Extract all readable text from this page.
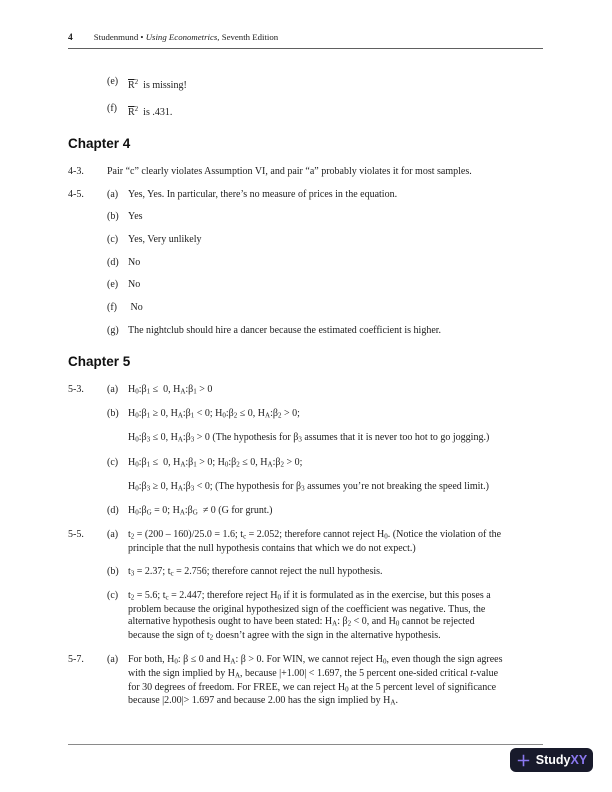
4 Studenmund • Using Econometrics, Seventh Edition
(e) $\overline{R}^2$  is missing!
(f)	$\overline{R}^2$  is .431.
Chapter 4
4-3.	Pair “c” clearly violates Assumption VI, and pair “a” probably violates it for most samples.
4-5.	(a) Yes, Yes. In particular, there’s no measure of prices in the equation.
(b) Yes
(c) Yes, Very unlikely
(d) No
(e) No
(f)	No
(g) The nightclub should hire a dancer because the estimated coefficient is higher.
Chapter 5
5-3.	(a) $H_0:\beta_1 \le 0$, $H_A:\beta_1 > 0$
(b) $H_0:\beta_1 \ge 0$, $H_A:\beta_1 < 0$; $H_0:\beta_2 \le 0$, $H_A:\beta_2 > 0$;
$H_0:\beta_3 \le 0$, $H_A:\beta_3 > 0$ (The hypothesis for $\beta_3$ assumes that it is never too hot to go jogging.)
(c) $H_0:\beta_1 \le 0$, $H_A:\beta_1 > 0$; $H_0:\beta_2 \le 0$, $H_A:\beta_2 > 0$;
$H_0:\beta_3 \ge 0$, $H_A:\beta_3 < 0$; (The hypothesis for $\beta_3$ assumes you’re not breaking the speed limit.)
(d) $H_0:\beta_G = 0$; $H_A:\beta_G \ne 0$ (G for grunt.)
5-5.	(a) $t_2 = (200 - 160)/25.0 = 1.6$; $t_c = 2.052$; therefore cannot reject $H_0$. (Notice the violation of the
principle that the null hypothesis contains that which we do not expect.)
(b) $t_3 = 2.37$; $t_c = 2.756$; therefore cannot reject the null hypothesis.
(c) $t_2 = 5.6$; $t_c = 2.447$; therefore reject $H_0$ if it is formulated as in the exercise, but this poses a
problem because the original hypothesized sign of the coefficient was negative. Thus, the
alternative hypothesis ought to have been stated: $H_A$: $\beta_2 < 0$, and $H_0$ cannot be rejected
because the sign of $t_2$ doesn’t agree with the sign in the alternative hypothesis.
5-7.	(a) For both, $H_0$: β ≤ 0 and $H_A$: β > 0. For WIN, we cannot reject $H_0$, even though the sign agrees
with the sign implied by $H_A$, because |+1.00| < 1.697, the 5 percent one-sided critical t-value
for 30 degrees of freedom. For FREE, we can reject $H_0$ at the 5 percent level of significance
because |2.00|> 1.697 and because 2.00 has the sign implied by $H_A$.
StudyXY
